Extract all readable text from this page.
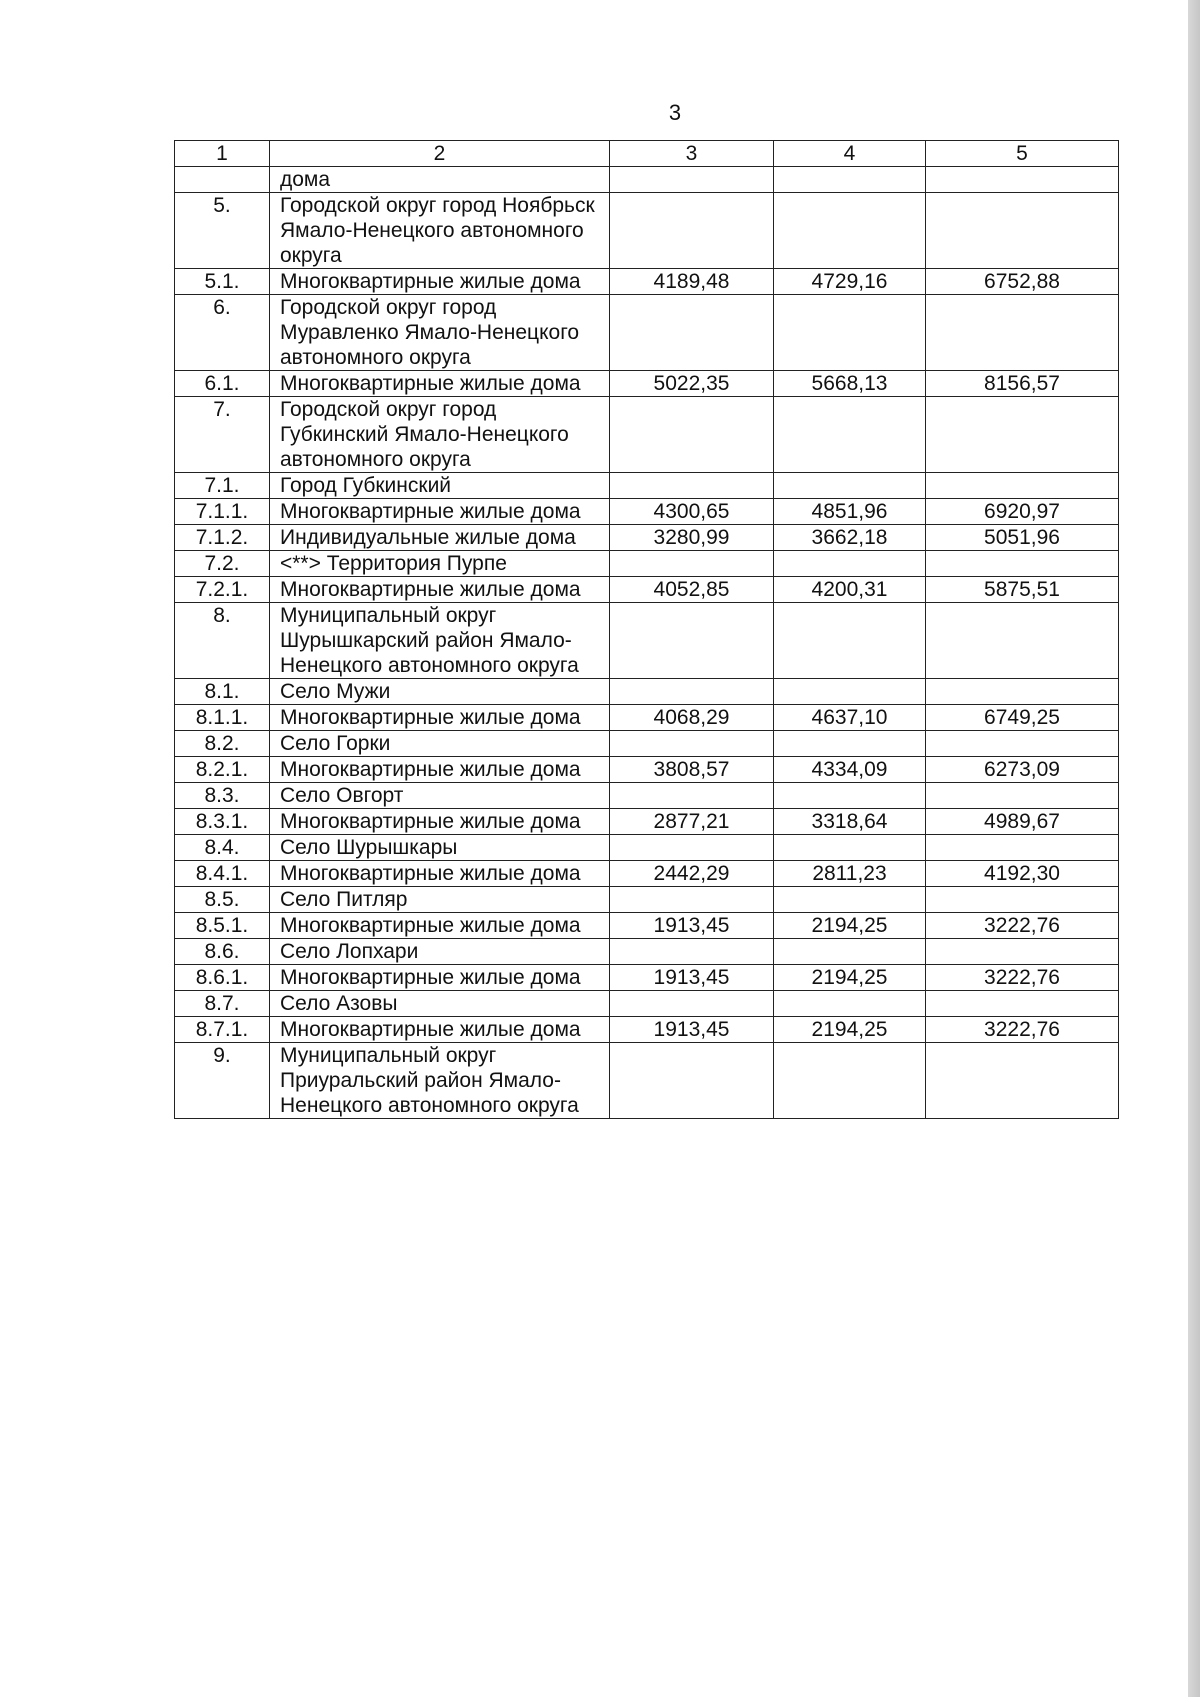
3
1	2	3	4	5
	дома			
5.	Городской округ город Ноябрьск Ямало-Ненецкого автономного округа			
5.1.	Многоквартирные жилые дома	4189,48	4729,16	6752,88
6.	Городской округ город Муравленко Ямало-Ненецкого автономного округа			
6.1.	Многоквартирные жилые дома	5022,35	5668,13	8156,57
7.	Городской округ город Губкинский Ямало-Ненецкого автономного округа			
7.1.	Город Губкинский			
7.1.1.	Многоквартирные жилые дома	4300,65	4851,96	6920,97
7.1.2.	Индивидуальные жилые дома	3280,99	3662,18	5051,96
7.2.	<**> Территория Пурпе			
7.2.1.	Многоквартирные жилые дома	4052,85	4200,31	5875,51
8.	Муниципальный округ Шурышкарский район Ямало-Ненецкого автономного округа			
8.1.	Село Мужи			
8.1.1.	Многоквартирные жилые дома	4068,29	4637,10	6749,25
8.2.	Село Горки			
8.2.1.	Многоквартирные жилые дома	3808,57	4334,09	6273,09
8.3.	Село Овгорт			
8.3.1.	Многоквартирные жилые дома	2877,21	3318,64	4989,67
8.4.	Село Шурышкары			
8.4.1.	Многоквартирные жилые дома	2442,29	2811,23	4192,30
8.5.	Село Питляр			
8.5.1.	Многоквартирные жилые дома	1913,45	2194,25	3222,76
8.6.	Село Лопхари			
8.6.1.	Многоквартирные жилые дома	1913,45	2194,25	3222,76
8.7.	Село Азовы			
8.7.1.	Многоквартирные жилые дома	1913,45	2194,25	3222,76
9.	Муниципальный округ Приуральский район Ямало-Ненецкого автономного округа			
